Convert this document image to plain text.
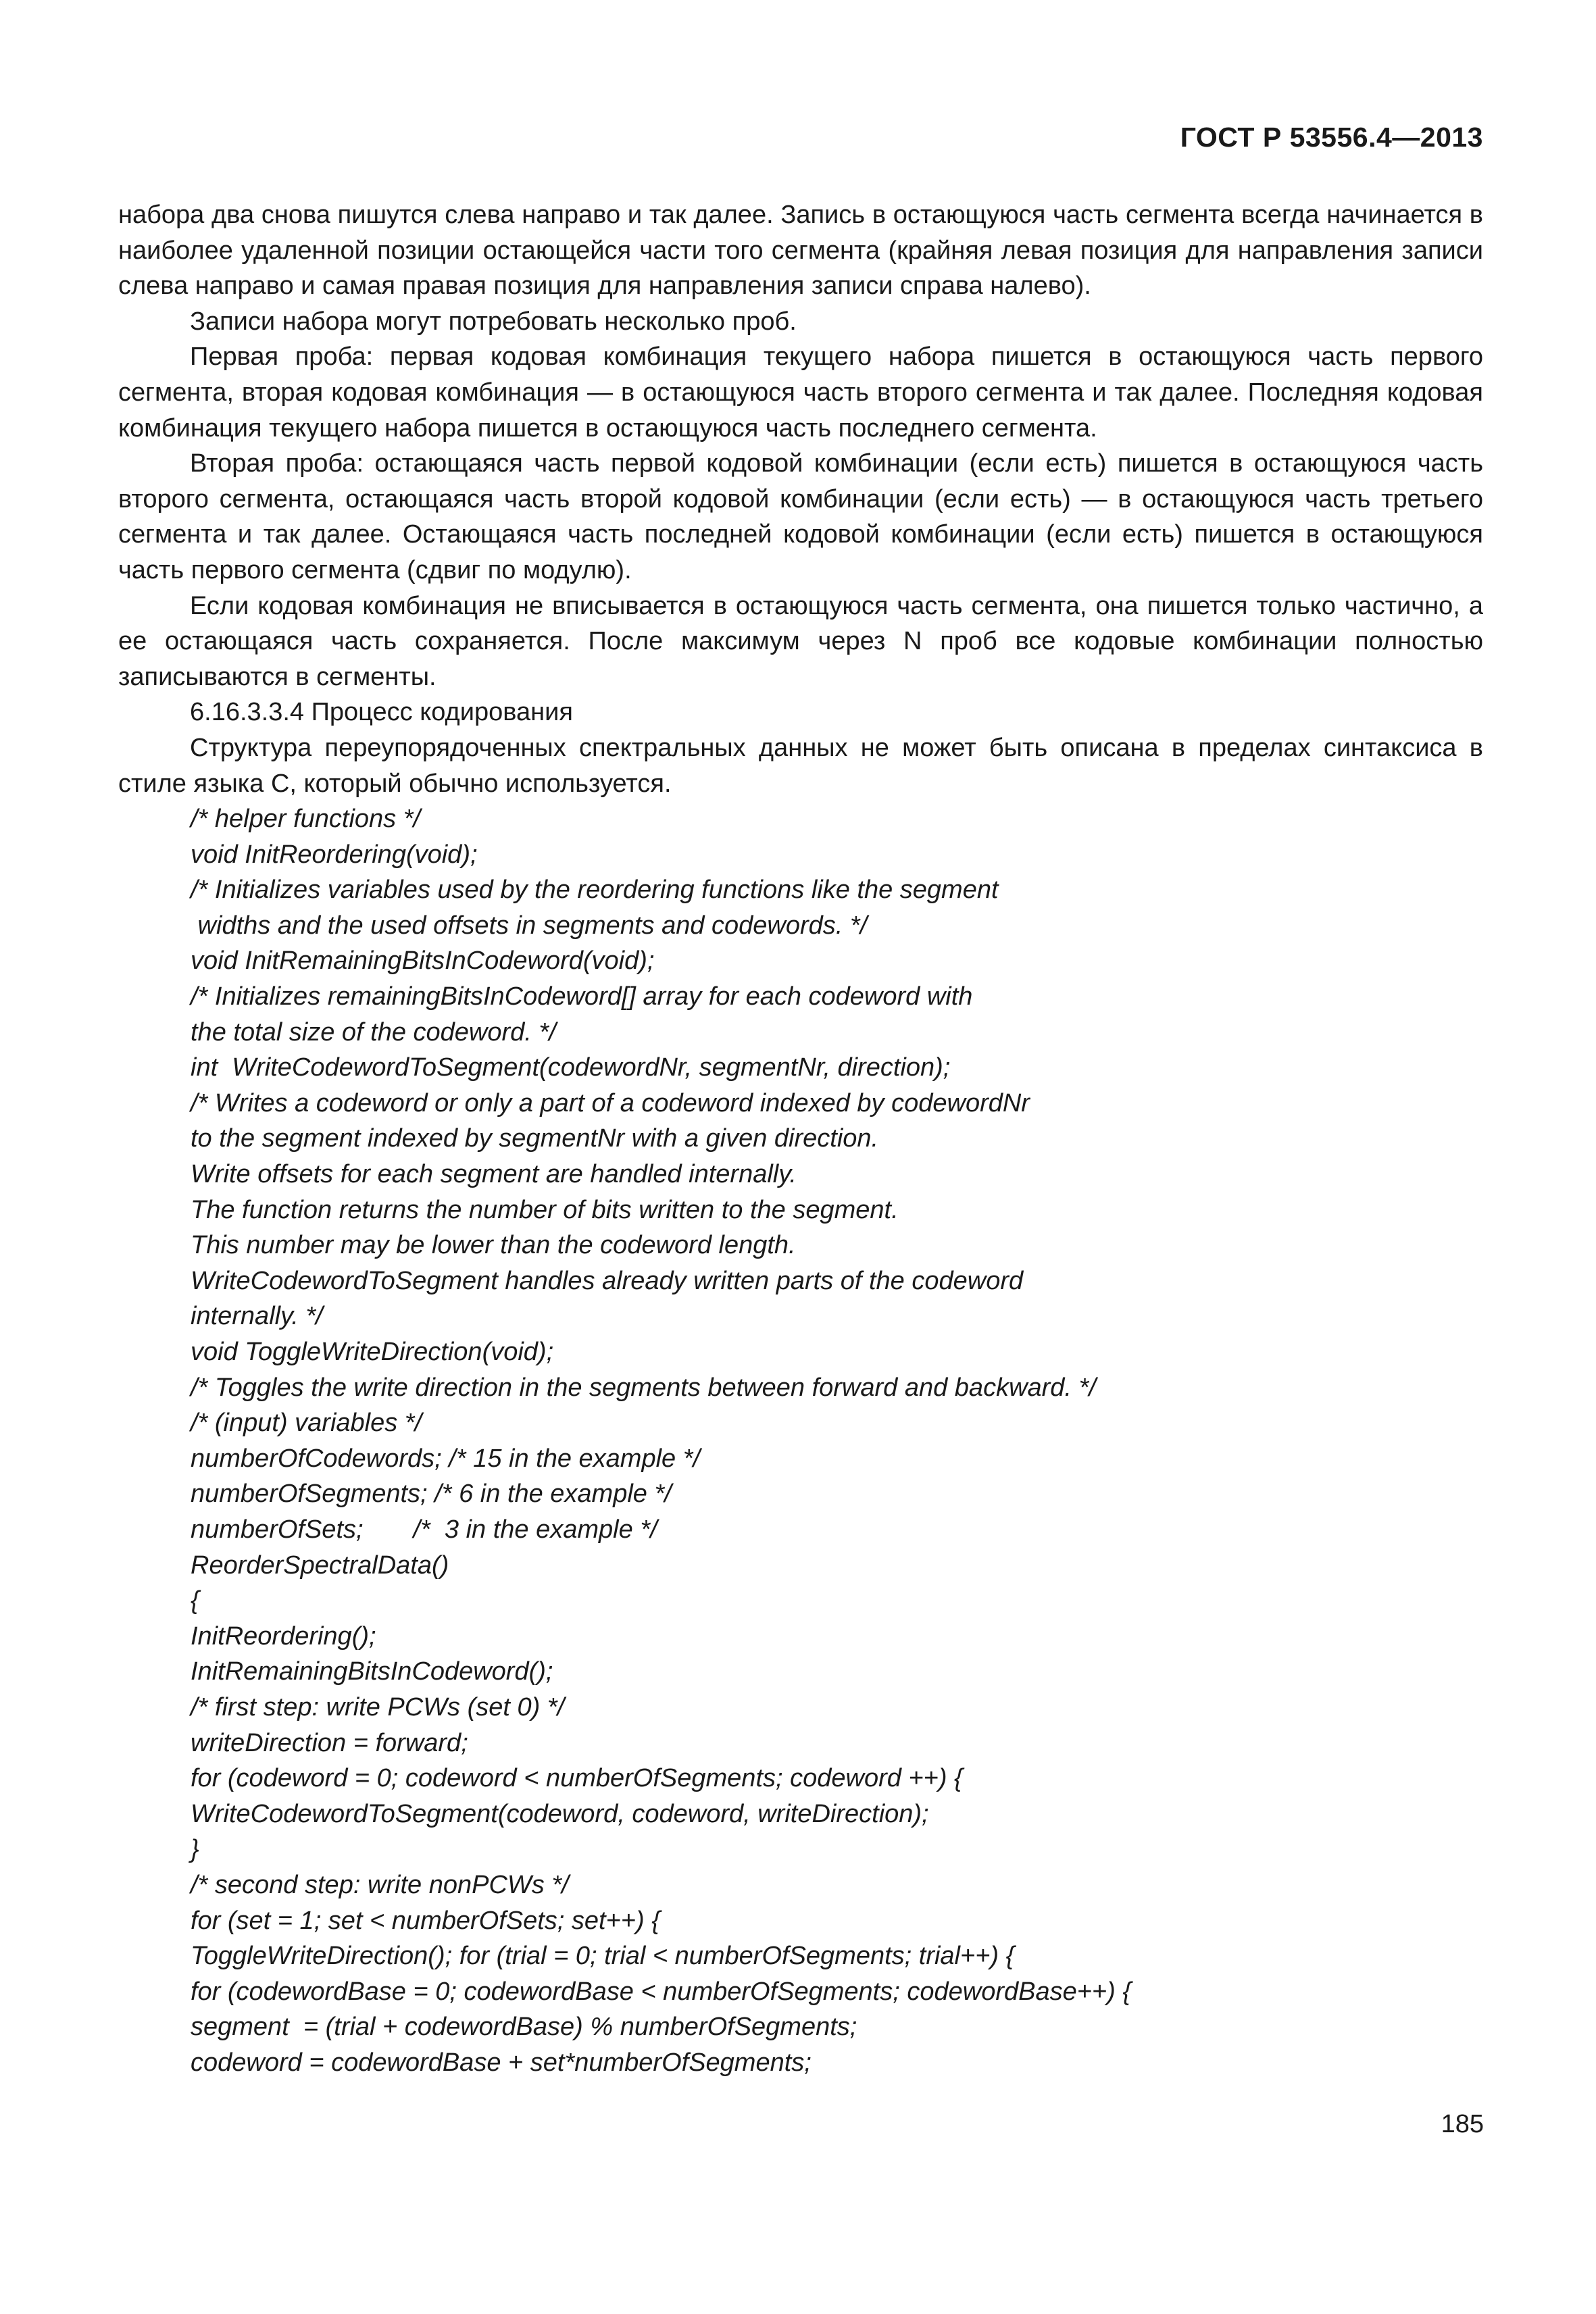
ГОСТ Р 53556.4—2013

набора два снова пишутся слева направо и так далее. Запись в остающуюся часть сегмента всегда начинается в наиболее удаленной позиции остающейся части того сегмента (крайняя левая позиция для направления записи слева направо и самая правая позиция для направления записи справа налево).

Записи набора могут потребовать несколько проб.

Первая проба: первая кодовая комбинация текущего набора пишется в остающуюся часть первого сегмента, вторая кодовая комбинация — в остающуюся часть второго сегмента и так далее. Последняя кодовая комбинация текущего набора пишется в остающуюся часть последнего сегмента.

Вторая проба: остающаяся часть первой кодовой комбинации (если есть) пишется в остающуюся часть второго сегмента, остающаяся часть второй кодовой комбинации (если есть) — в остающуюся часть третьего сегмента и так далее. Остающаяся часть последней кодовой комбинации (если есть) пишется в остающуюся часть первого сегмента (сдвиг по модулю).

Если кодовая комбинация не вписывается в остающуюся часть сегмента, она пишется только частично, а ее остающаяся часть сохраняется. После максимум через N проб все кодовые комбинации полностью записываются в сегменты.

6.16.3.3.4 Процесс кодирования

Структура переупорядоченных спектральных данных не может быть описана в пределах синтаксиса в стиле языка C, который обычно используется.

/* helper functions */

void InitReordering(void);

/* Initializes variables used by the reordering functions like the segment

widths and the used offsets in segments and codewords. */

void InitRemainingBitsInCodeword(void);

/* Initializes remainingBitsInCodeword[] array for each codeword with

the total size of the codeword. */

int  WriteCodewordToSegment(codewordNr, segmentNr, direction);

/* Writes a codeword or only a part of a codeword indexed by codewordNr

to the segment indexed by segmentNr with a given direction.

Write offsets for each segment are handled internally.

The function returns the number of bits written to the segment.

This number may be lower than the codeword length.

WriteCodewordToSegment handles already written parts of the codeword

internally. */

void ToggleWriteDirection(void);

/* Toggles the write direction in the segments between forward and backward. */

/* (input) variables */

numberOfCodewords; /* 15 in the example */

numberOfSegments; /* 6 in the example */

numberOfSets;       /*  3 in the example */

ReorderSpectralData()

{

InitReordering();

InitRemainingBitsInCodeword();

/* first step: write PCWs (set 0) */

writeDirection = forward;

for (codeword = 0; codeword < numberOfSegments; codeword ++) {

WriteCodewordToSegment(codeword, codeword, writeDirection);

}

/* second step: write nonPCWs */

for (set = 1; set < numberOfSets; set++) {

ToggleWriteDirection(); for (trial = 0; trial < numberOfSegments; trial++) {

for (codewordBase = 0; codewordBase < numberOfSegments; codewordBase++) {

segment  = (trial + codewordBase) % numberOfSegments;

codeword = codewordBase + set*numberOfSegments;

185
